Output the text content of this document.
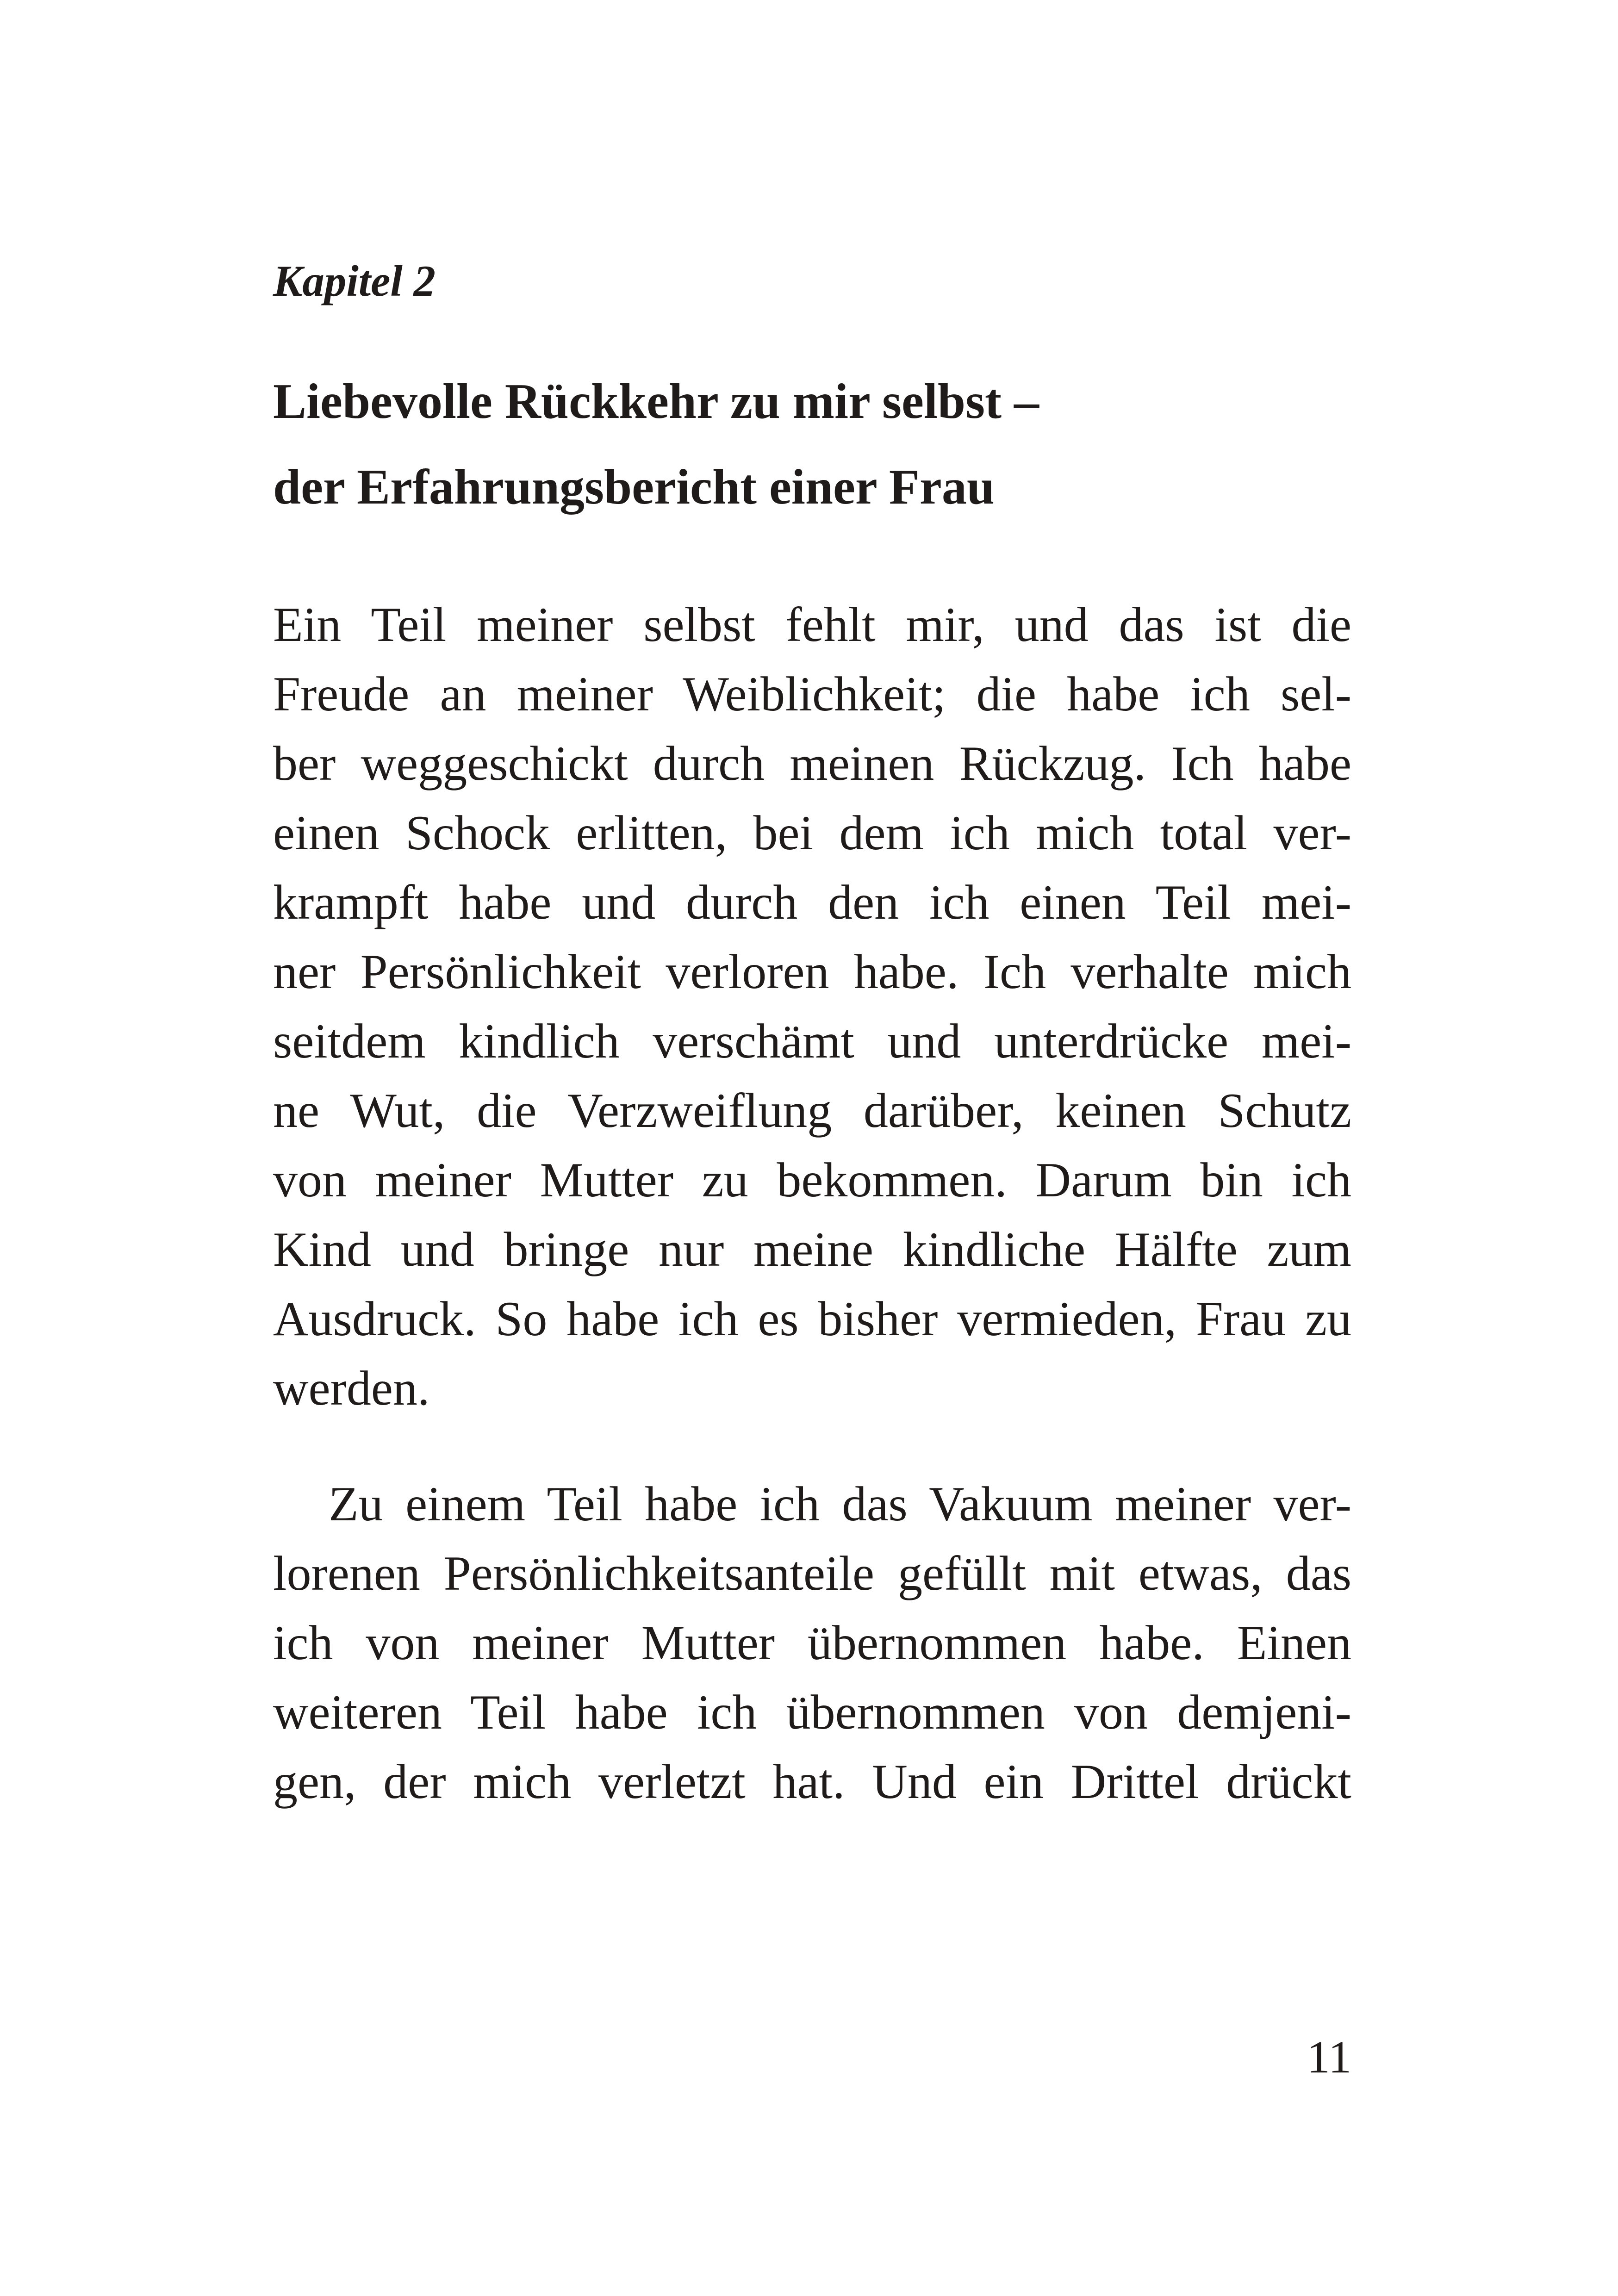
Kapitel 2
Liebevolle Rückkehr zu mir selbst –
der Erfahrungsbericht einer Frau
Ein Teil meiner selbst fehlt mir, und das ist die
Freude an meiner Weiblichkeit; die habe ich sel-
ber weggeschickt durch meinen Rückzug. Ich habe
einen Schock erlitten, bei dem ich mich total ver-
krampft habe und durch den ich einen Teil mei-
ner Persönlichkeit verloren habe. Ich verhalte mich
seitdem kindlich verschämt und unterdrücke mei-
ne Wut, die Verzweiflung darüber, keinen Schutz
von meiner Mutter zu bekommen. Darum bin ich
Kind und bringe nur meine kindliche Hälfte zum
Ausdruck. So habe ich es bisher vermieden, Frau zu
werden.
Zu einem Teil habe ich das Vakuum meiner ver-
lorenen Persönlichkeitsanteile gefüllt mit etwas, das
ich von meiner Mutter übernommen habe. Einen
weiteren Teil habe ich übernommen von demjeni-
gen, der mich verletzt hat. Und ein Drittel drückt
11
